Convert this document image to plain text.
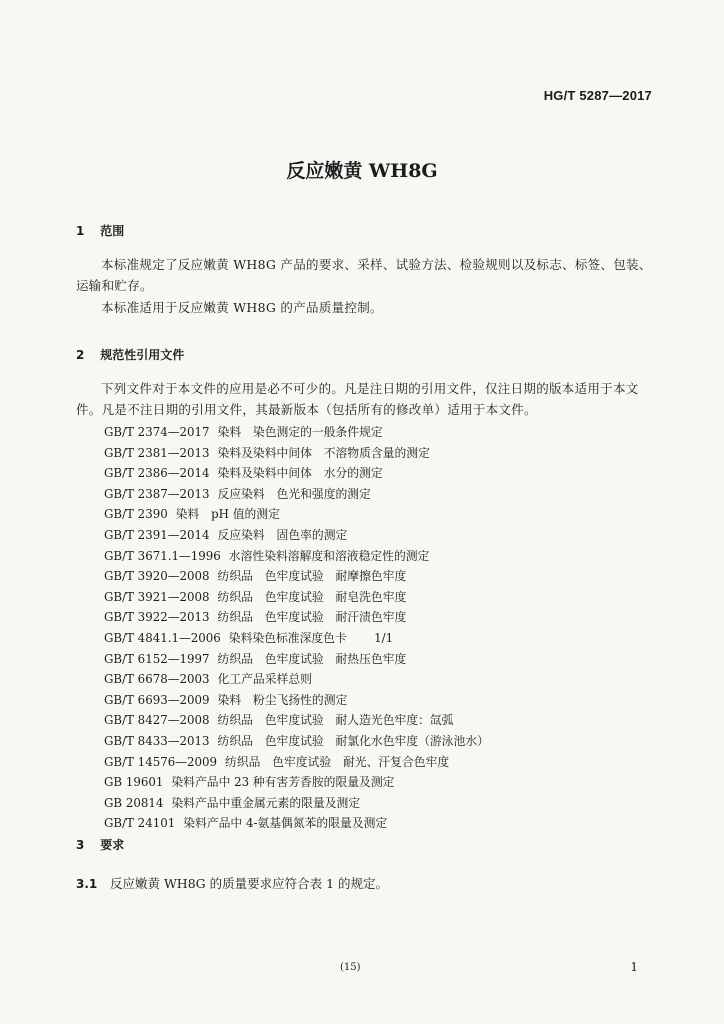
HG/T 5287—2017
反应嫩黄 WH8G
1 范围

本标准规定了反应嫩黄 WH8G 产品的要求、采样、试验方法、检验规则以及标志、标签、包装、运输和贮存。

本标准适用于反应嫩黄 WH8G 的产品质量控制。

2 规范性引用文件

下列文件对于本文件的应用是必不可少的。凡是注日期的引用文件，仅注日期的版本适用于本文件。凡是不注日期的引用文件，其最新版本（包括所有的修改单）适用于本文件。

GB/T 2374—2017 染料　染色测定的一般条件规定
GB/T 2381—2013 染料及染料中间体　不溶物质含量的测定
GB/T 2386—2014 染料及染料中间体　水分的测定
GB/T 2387—2013 反应染料　色光和强度的测定
GB/T 2390 染料　pH 值的测定
GB/T 2391—2014 反应染料　固色率的测定
GB/T 3671.1—1996 水溶性染料溶解度和溶液稳定性的测定
GB/T 3920—2008 纺织品　色牢度试验　耐摩擦色牢度
GB/T 3921—2008 纺织品　色牢度试验　耐皂洗色牢度
GB/T 3922—2013 纺织品　色牢度试验　耐汗渍色牢度
GB/T 4841.1—2006 染料染色标准深度色卡　　 1/1
GB/T 6152—1997 纺织品　色牢度试验　耐热压色牢度
GB/T 6678—2003 化工产品采样总则
GB/T 6693—2009 染料　粉尘飞扬性的测定
GB/T 8427—2008 纺织品　色牢度试验　耐人造光色牢度：氙弧
GB/T 8433—2013 纺织品　色牢度试验　耐氯化水色牢度（游泳池水）
GB/T 14576—2009 纺织品　色牢度试验　耐光、汗复合色牢度
GB 19601 染料产品中 23 种有害芳香胺的限量及测定
GB 20814 染料产品中重金属元素的限量及测定
GB/T 24101 染料产品中 4-氨基偶氮苯的限量及测定
3 要求
3.1 反应嫩黄 WH8G 的质量要求应符合表 1 的规定。
(15)	1
